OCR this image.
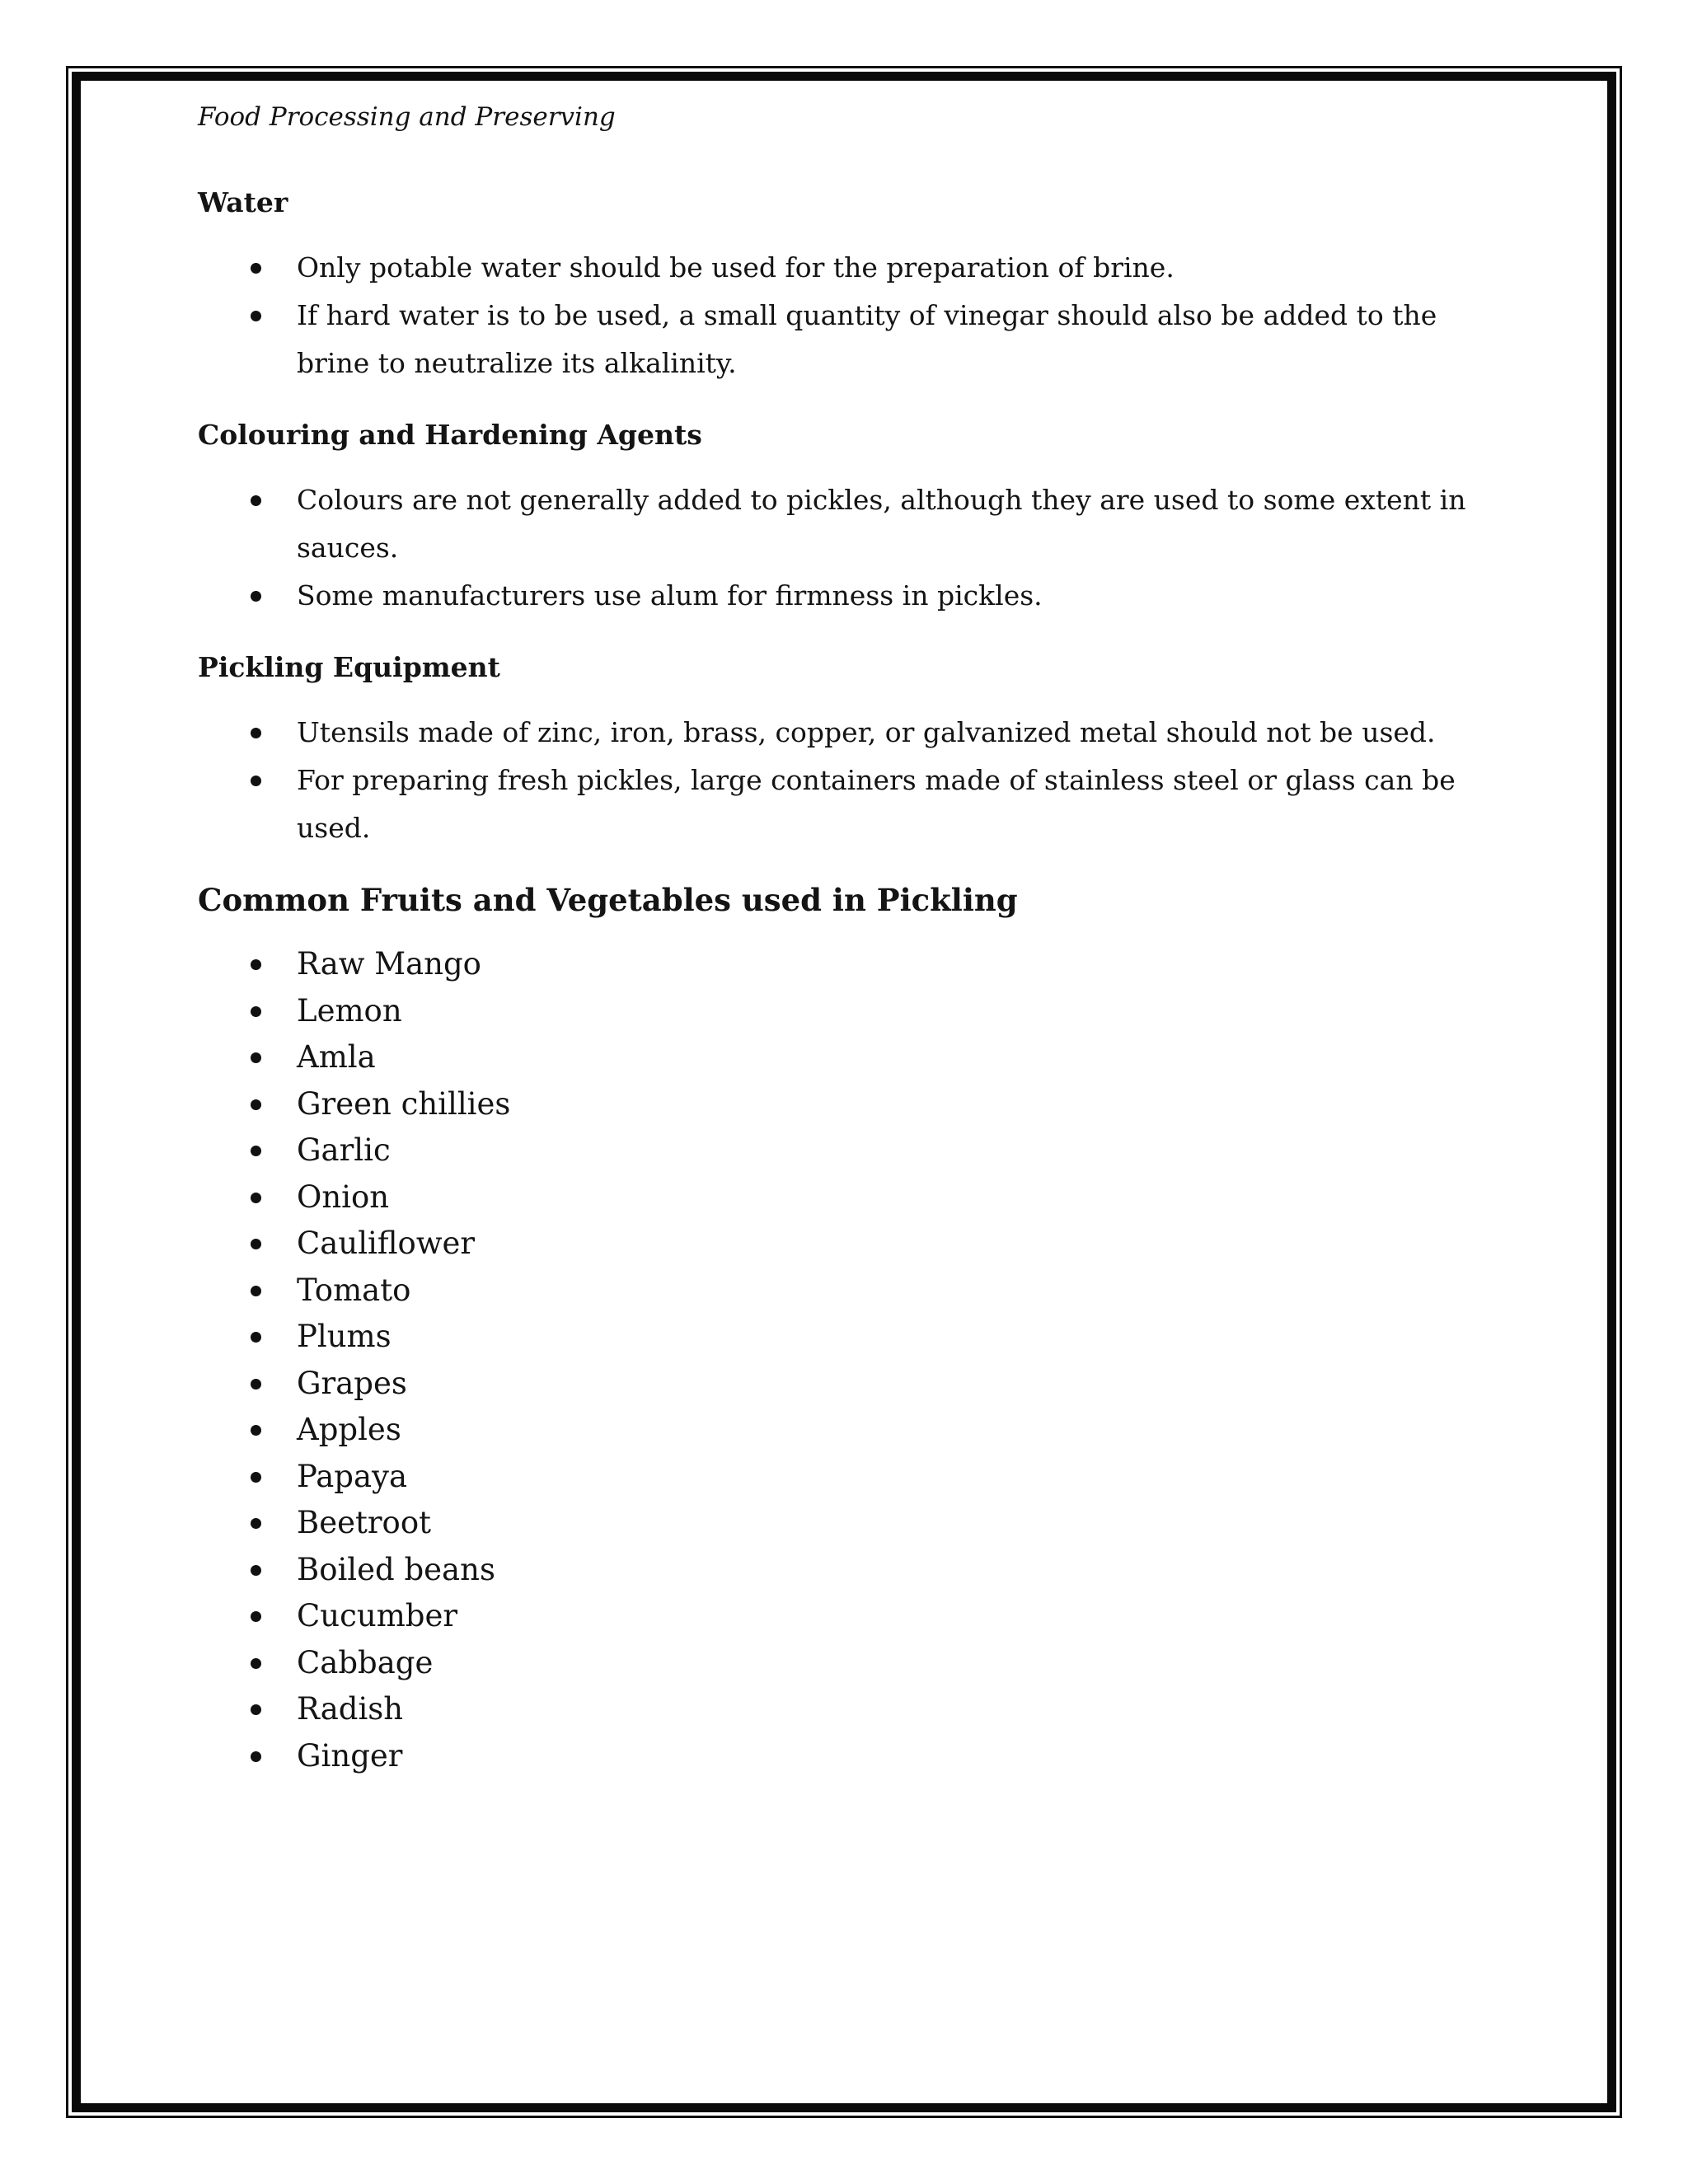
Food Processing and Preserving
Water
Only potable water should be used for the preparation of brine.
If hard water is to be used, a small quantity of vinegar should also be added to the brine to neutralize its alkalinity.
Colouring and Hardening Agents
Colours are not generally added to pickles, although they are used to some extent in sauces.
Some manufacturers use alum for firmness in pickles.
Pickling Equipment
Utensils made of zinc, iron, brass, copper, or galvanized metal should not be used.
For preparing fresh pickles, large containers made of stainless steel or glass can be used.
Common Fruits and Vegetables used in Pickling
Raw Mango
Lemon
Amla
Green chillies
Garlic
Onion
Cauliflower
Tomato
Plums
Grapes
Apples
Papaya
Beetroot
Boiled beans
Cucumber
Cabbage
Radish
Ginger
